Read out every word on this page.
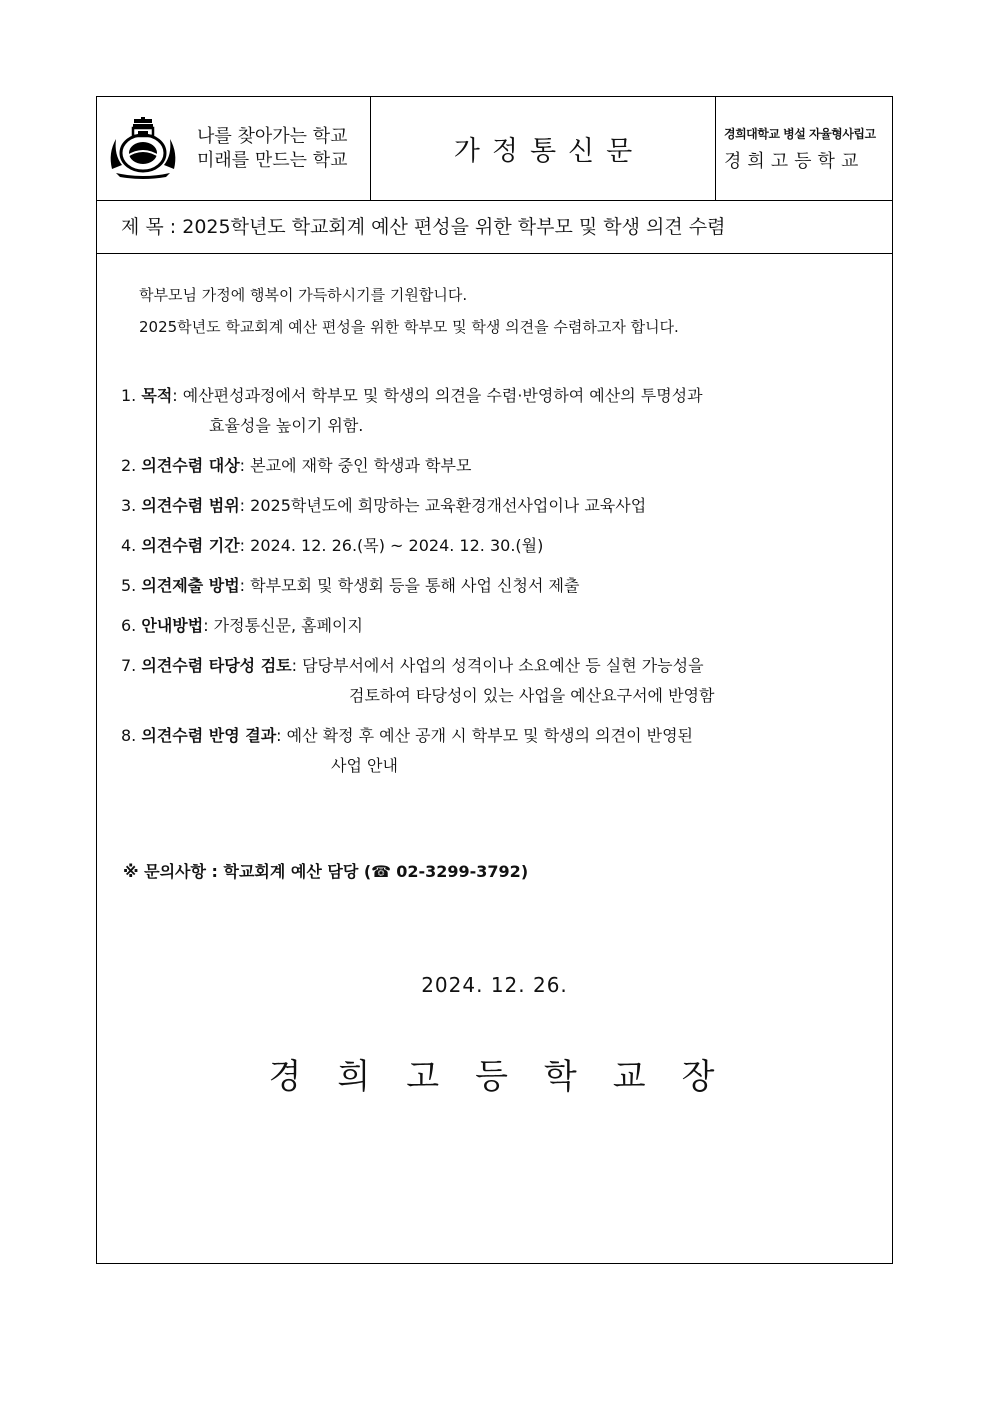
나를 찾아가는 학교
미래를 만드는 학교	가정통신문
경희대학교 병설 자율형사립고
경희고등학교
제 목 : 2025학년도 학교회계 예산 편성을 위한 학부모 및 학생 의견 수렴
학부모님 가정에 행복이 가득하시기를 기원합니다.
2025학년도 학교회계 예산 편성을 위한 학부모 및 학생 의견을 수렴하고자 합니다.
1. 목적: 예산편성과정에서 학부모 및 학생의 의견을 수렴·반영하여 예산의 투명성과
효율성을 높이기 위함.
2. 의견수렴 대상: 본교에 재학 중인 학생과 학부모
3. 의견수렴 범위: 2025학년도에 희망하는 교육환경개선사업이나 교육사업
4. 의견수렴 기간: 2024. 12. 26.(목) ~ 2024. 12. 30.(월)
5. 의견제출 방법: 학부모회 및 학생회 등을 통해 사업 신청서 제출
6. 안내방법: 가정통신문, 홈페이지
7. 의견수렴 타당성 검토: 담당부서에서 사업의 성격이나 소요예산 등 실현 가능성을
검토하여 타당성이 있는 사업을 예산요구서에 반영함
8. 의견수렴 반영 결과: 예산 확정 후 예산 공개 시 학부모 및 학생의 의견이 반영된
사업 안내
※ 문의사항 : 학교회계 예산 담당 (☎ 02-3299-3792)
2024. 12. 26.
경희고등학교장
